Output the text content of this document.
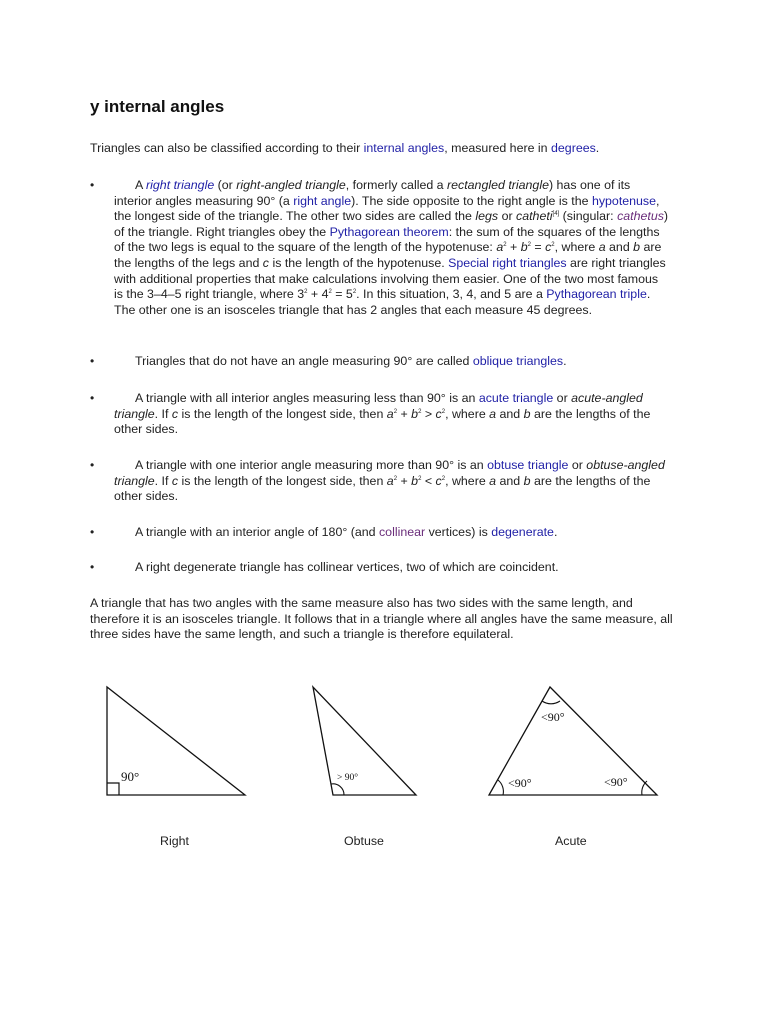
y internal angles

Triangles can also be classified according to their internal angles, measured here in degrees.

•	A right triangle (or right-angled triangle, formerly called a rectangled triangle) has one of its interior angles measuring 90° (a right angle). The side opposite to the right angle is the hypotenuse, the longest side of the triangle. The other two sides are called the legs or catheti[4] (singular: cathetus) of the triangle. Right triangles obey the Pythagorean theorem: the sum of the squares of the lengths of the two legs is equal to the square of the length of the hypotenuse: $a^2 + b^2 = c^2$, where a and b are the lengths of the legs and c is the length of the hypotenuse. Special right triangles are right triangles with additional properties that make calculations involving them easier. One of the two most famous is the 3–4–5 right triangle, where $3^2 + 4^2 = 5^2$. In this situation, 3, 4, and 5 are a Pythagorean triple. The other one is an isosceles triangle that has 2 angles that each measure 45 degrees.
•	Triangles that do not have an angle measuring 90° are called oblique triangles.
•	A triangle with all interior angles measuring less than 90° is an acute triangle or acute-angled triangle. If c is the length of the longest side, then $a^2 + b^2 > c^2$, where a and b are the lengths of the other sides.
•	A triangle with one interior angle measuring more than 90° is an obtuse triangle or obtuse-angled triangle. If c is the length of the longest side, then $a^2 + b^2 < c^2$, where a and b are the lengths of the other sides.
•	A triangle with an interior angle of 180° (and collinear vertices) is degenerate.
•	A right degenerate triangle has collinear vertices, two of which are coincident.

A triangle that has two angles with the same measure also has two sides with the same length, and therefore it is an isosceles triangle. It follows that in a triangle where all angles have the same measure, all three sides have the same length, and such a triangle is therefore equilateral.

90°	> 90°
<90°
<90°	<90°
Right	Obtuse	Acute
